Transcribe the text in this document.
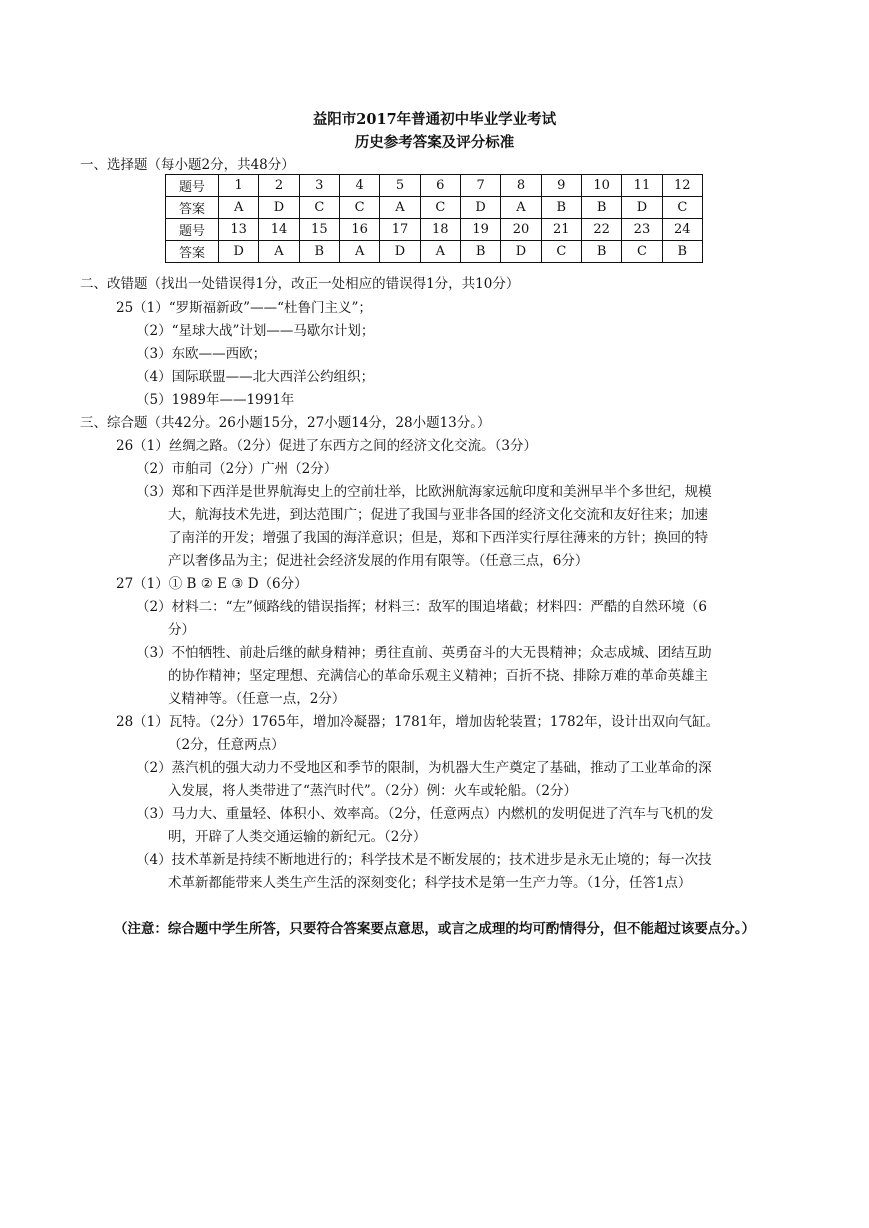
益阳市2017年普通初中毕业学业考试
历史参考答案及评分标准
一、选择题（每小题2分，共48分）
题号	1	2	3	4	5	6	7	8	9	10	11	12
答案	A	D	C	C	A	C	D	A	B	B	D	C
题号	13	14	15	16	17	18	19	20	21	22	23	24
答案	D	A	B	A	D	A	B	D	C	B	C	B
二、改错题（找出一处错误得1分，改正一处相应的错误得1分，共10分）
25（1）“罗斯福新政”——“杜鲁门主义”；
（2）“星球大战”计划——马歇尔计划；
（3）东欧——西欧；
（4）国际联盟——北大西洋公约组织；
（5）1989年——1991年
三、综合题（共42分。26小题15分，27小题14分，28小题13分。）
26（1）丝绸之路。（2分）促进了东西方之间的经济文化交流。（3分）
（2）市舶司（2分）广州（2分）
（3）郑和下西洋是世界航海史上的空前壮举，比欧洲航海家远航印度和美洲早半个多世纪，规模
大，航海技术先进，到达范围广；促进了我国与亚非各国的经济文化交流和友好往来；加速
了南洋的开发；增强了我国的海洋意识；但是，郑和下西洋实行厚往薄来的方针；换回的特
产以奢侈品为主；促进社会经济发展的作用有限等。（任意三点，6分）
27（1）① B ② E ③ D（6分）
（2）材料二：“左”倾路线的错误指挥；材料三：敌军的围追堵截；材料四：严酷的自然环境（6
分）
（3）不怕牺牲、前赴后继的献身精神；勇往直前、英勇奋斗的大无畏精神；众志成城、团结互助
的协作精神；坚定理想、充满信心的革命乐观主义精神；百折不挠、排除万难的革命英雄主
义精神等。（任意一点，2分）
28（1）瓦特。（2分）1765年，增加冷凝器；1781年，增加齿轮装置；1782年，设计出双向气缸。
（2分，任意两点）
（2）蒸汽机的强大动力不受地区和季节的限制，为机器大生产奠定了基础，推动了工业革命的深
入发展，将人类带进了“蒸汽时代”。（2分）例：火车或轮船。（2分）
（3）马力大、重量轻、体积小、效率高。（2分，任意两点）内燃机的发明促进了汽车与飞机的发
明，开辟了人类交通运输的新纪元。（2分）
（4）技术革新是持续不断地进行的；科学技术是不断发展的；技术进步是永无止境的；每一次技
术革新都能带来人类生产生活的深刻变化；科学技术是第一生产力等。（1分，任答1点）
（注意：综合题中学生所答，只要符合答案要点意思，或言之成理的均可酌情得分，但不能超过该要点分。）
